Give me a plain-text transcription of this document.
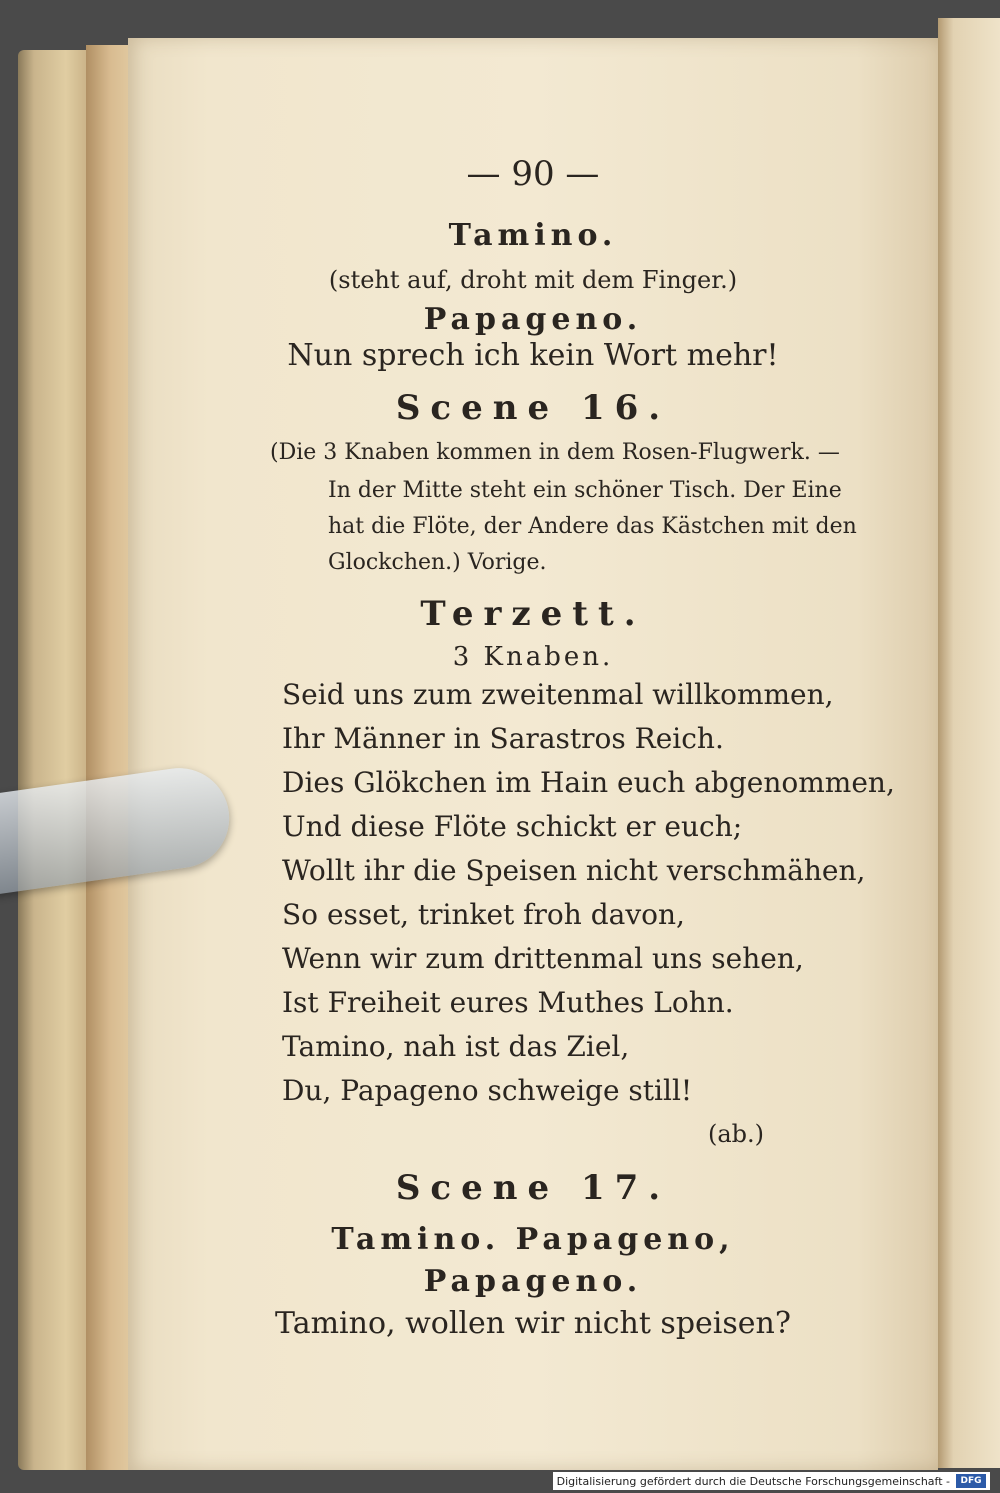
— 90 —
Tamino.
(steht auf, droht mit dem Finger.)
Papageno.
Nun sprech ich kein Wort mehr!
Scene 16.
(Die 3 Knaben kommen in dem Rosen-Flugwerk. —
In der Mitte steht ein schöner Tisch. Der Eine
hat die Flöte, der Andere das Kästchen mit den
Glockchen.) Vorige.
Terzett.
3 Knaben.
Seid uns zum zweitenmal willkommen,
Ihr Männer in Sarastros Reich.
Dies Glökchen im Hain euch abgenommen,
Und diese Flöte schickt er euch;
Wollt ihr die Speisen nicht verschmähen,
So esset, trinket froh davon,
Wenn wir zum drittenmal uns sehen,
Ist Freiheit eures Muthes Lohn.
Tamino, nah ist das Ziel,
Du, Papageno schweige still!
(ab.)
Scene 17.
Tamino. Papageno,
Papageno.
Tamino, wollen wir nicht speisen?
Digitalisierung gefördert durch die Deutsche Forschungsgemeinschaft -	DFG
